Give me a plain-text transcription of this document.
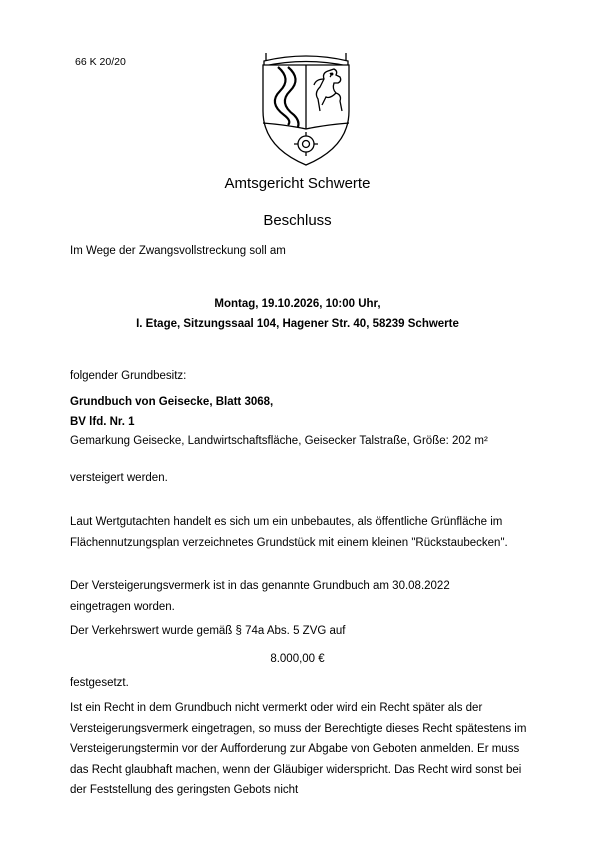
66 K 20/20
Amtsgericht Schwerte
Beschluss
Im Wege der Zwangsvollstreckung soll am
Montag, 19.10.2026, 10:00 Uhr,
I. Etage, Sitzungssaal 104, Hagener Str. 40, 58239 Schwerte
folgender Grundbesitz:
Grundbuch von Geisecke, Blatt 3068,
BV lfd. Nr. 1
Gemarkung Geisecke, Landwirtschaftsfläche, Geisecker Talstraße, Größe: 202 m²
versteigert werden.
Laut Wertgutachten handelt es sich um ein unbebautes, als öffentliche Grünfläche im Flächennutzungsplan verzeichnetes Grundstück mit einem kleinen "Rückstaubecken".
Der Versteigerungsvermerk ist in das genannte Grundbuch am 30.08.2022 eingetragen worden.
Der Verkehrswert wurde gemäß § 74a Abs. 5 ZVG auf
8.000,00 €
festgesetzt.
Ist ein Recht in dem Grundbuch nicht vermerkt oder wird ein Recht später als der Versteigerungsvermerk eingetragen, so muss der Berechtigte dieses Recht spätestens im Versteigerungstermin vor der Aufforderung zur Abgabe von Geboten anmelden. Er muss das Recht glaubhaft machen, wenn der Gläubiger widerspricht. Das Recht wird sonst bei der Feststellung des geringsten Gebots nicht
